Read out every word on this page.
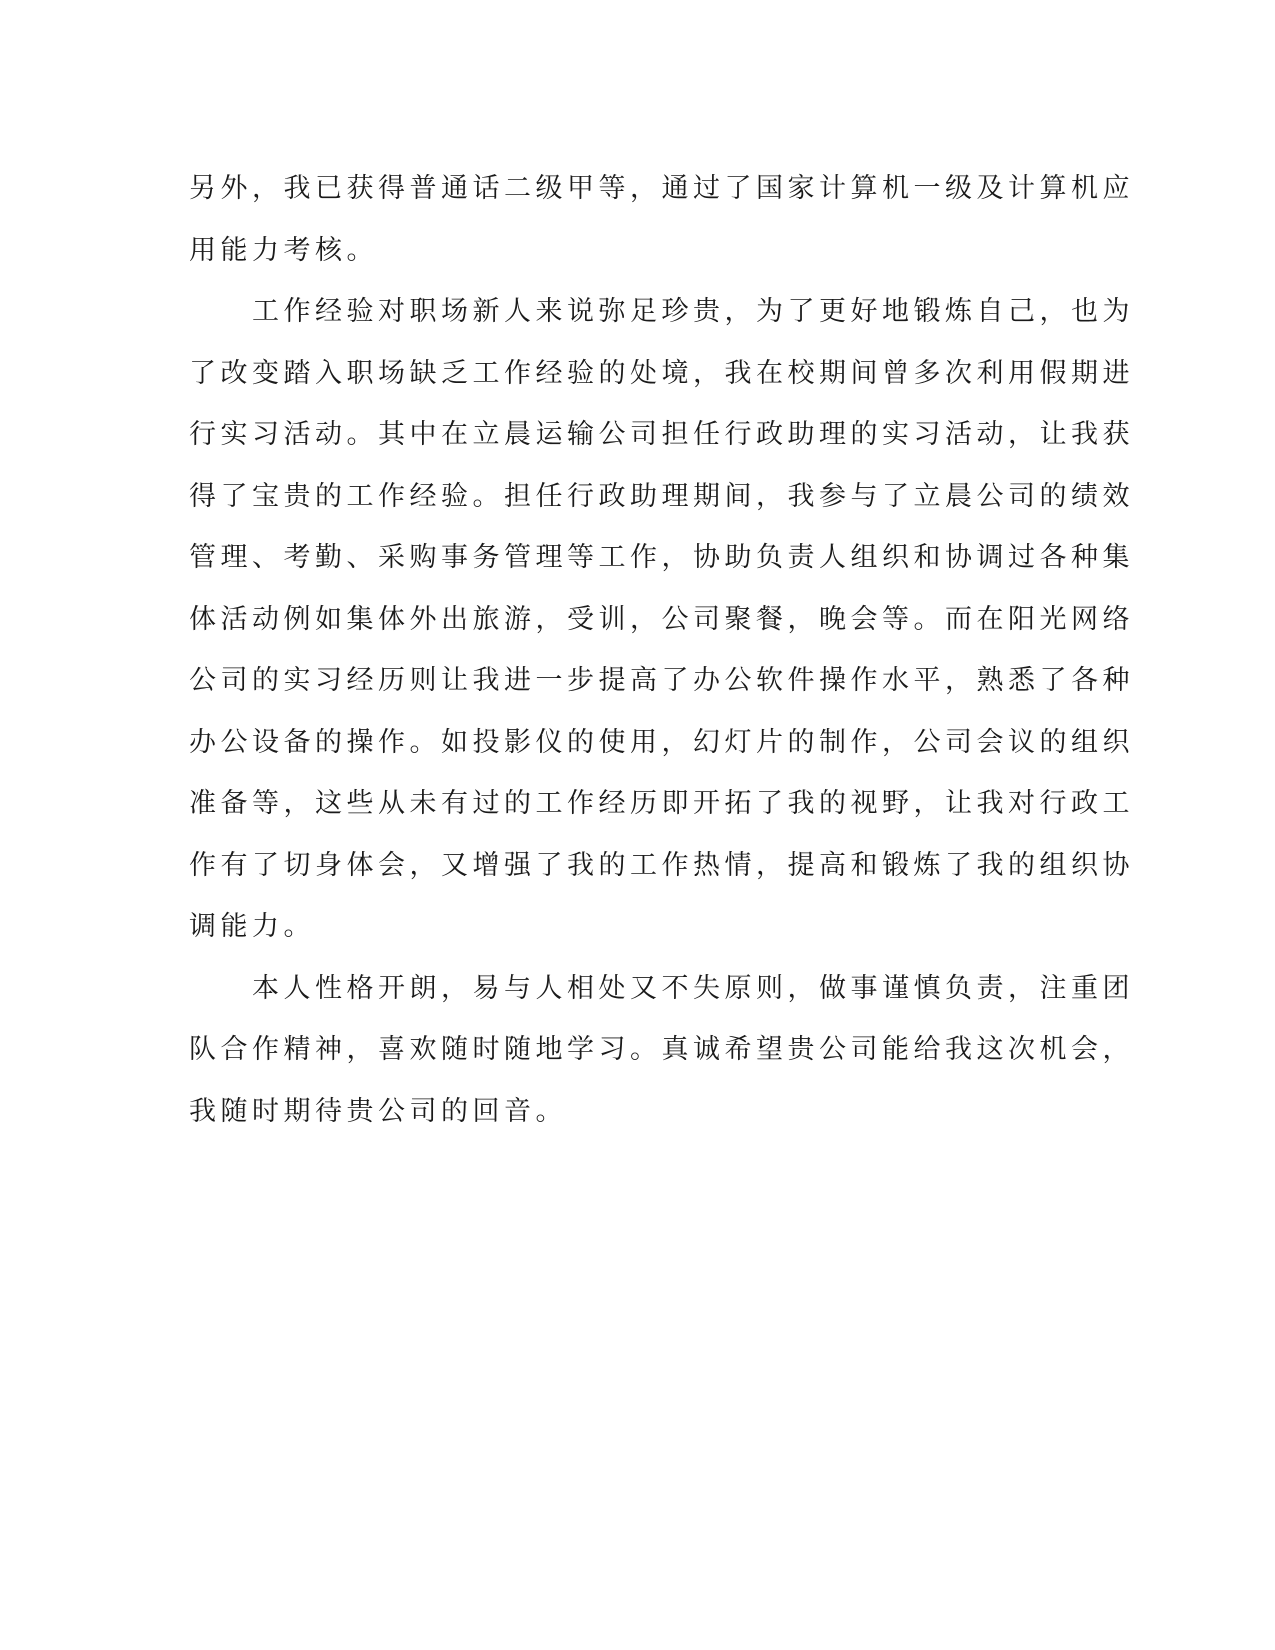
另外，我已获得普通话二级甲等，通过了国家计算机一级及计算机应
用能力考核。
工作经验对职场新人来说弥足珍贵，为了更好地锻炼自己，也为
了改变踏入职场缺乏工作经验的处境，我在校期间曾多次利用假期进
行实习活动。其中在立晨运输公司担任行政助理的实习活动，让我获
得了宝贵的工作经验。担任行政助理期间，我参与了立晨公司的绩效
管理、考勤、采购事务管理等工作，协助负责人组织和协调过各种集
体活动例如集体外出旅游，受训，公司聚餐，晚会等。而在阳光网络
公司的实习经历则让我进一步提高了办公软件操作水平，熟悉了各种
办公设备的操作。如投影仪的使用，幻灯片的制作，公司会议的组织
准备等，这些从未有过的工作经历即开拓了我的视野，让我对行政工
作有了切身体会，又增强了我的工作热情，提高和锻炼了我的组织协
调能力。
本人性格开朗，易与人相处又不失原则，做事谨慎负责，注重团
队合作精神，喜欢随时随地学习。真诚希望贵公司能给我这次机会，
我随时期待贵公司的回音。
